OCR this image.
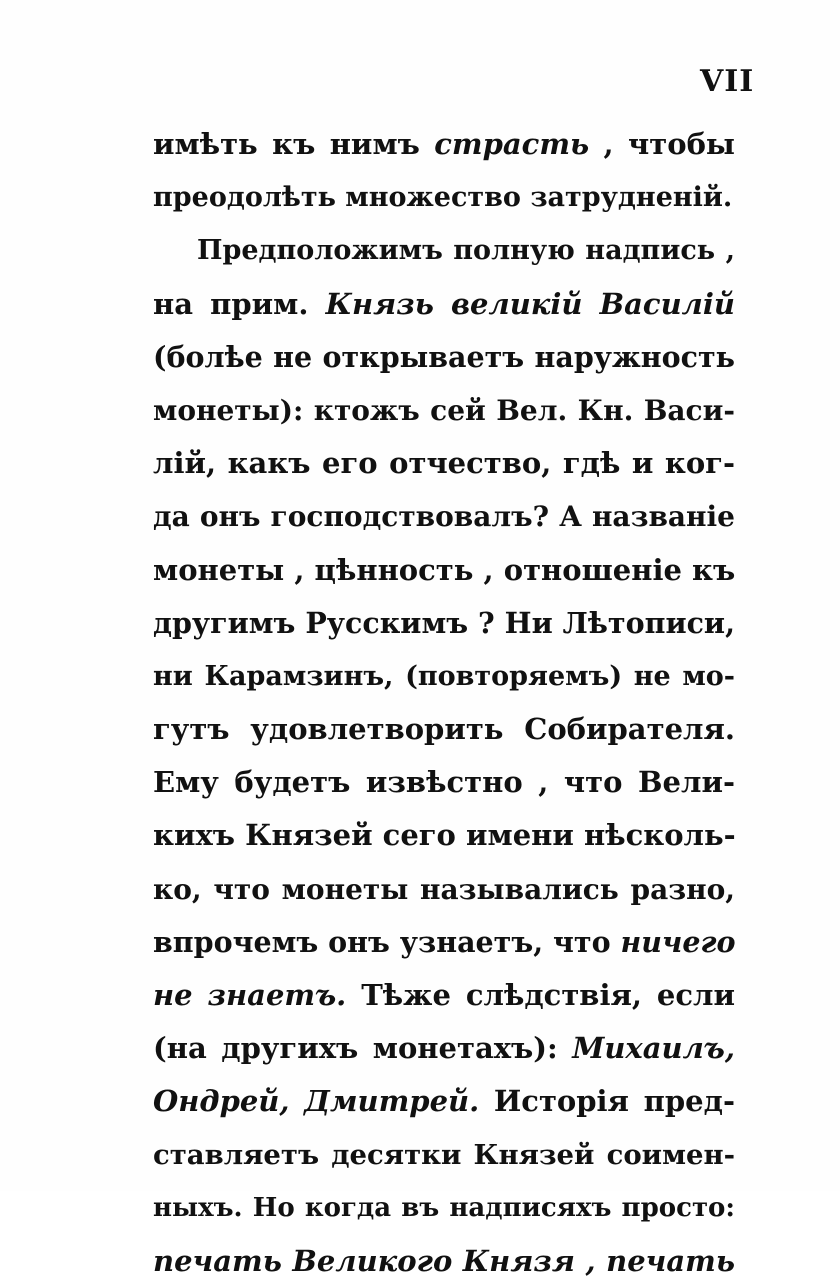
VII
имѣть къ нимъ страсть , чтобы
преодолѣть множество затрудненій.
Предположимъ полную надпись ,
на прим. Князь великій Василій
(болѣе не открываетъ наружность
монеты): ктожъ сей Вел. Кн. Васи-
лій, какъ его отчество, гдѣ и ког-
да онъ господствовалъ? А названіе
монеты , цѣнность , отношеніе къ
другимъ Русскимъ ? Ни Лѣтописи,
ни Карамзинъ, (повторяемъ) не мо-
гутъ удовлетворить Собирателя.
Ему будетъ извѣстно , что Вели-
кихъ Князей сего имени нѣсколь-
ко, что монеты назывались разно,
впрочемъ онъ узнаетъ, что ничего
не знаетъ. Тѣже слѣдствія, если
(на другихъ монетахъ): Михаилъ,
Ондрей, Дмитрей. Исторія пред-
ставляетъ десятки Князей соимен-
ныхъ. Но когда въ надписяхъ просто:
печать Великого Князя , печать
